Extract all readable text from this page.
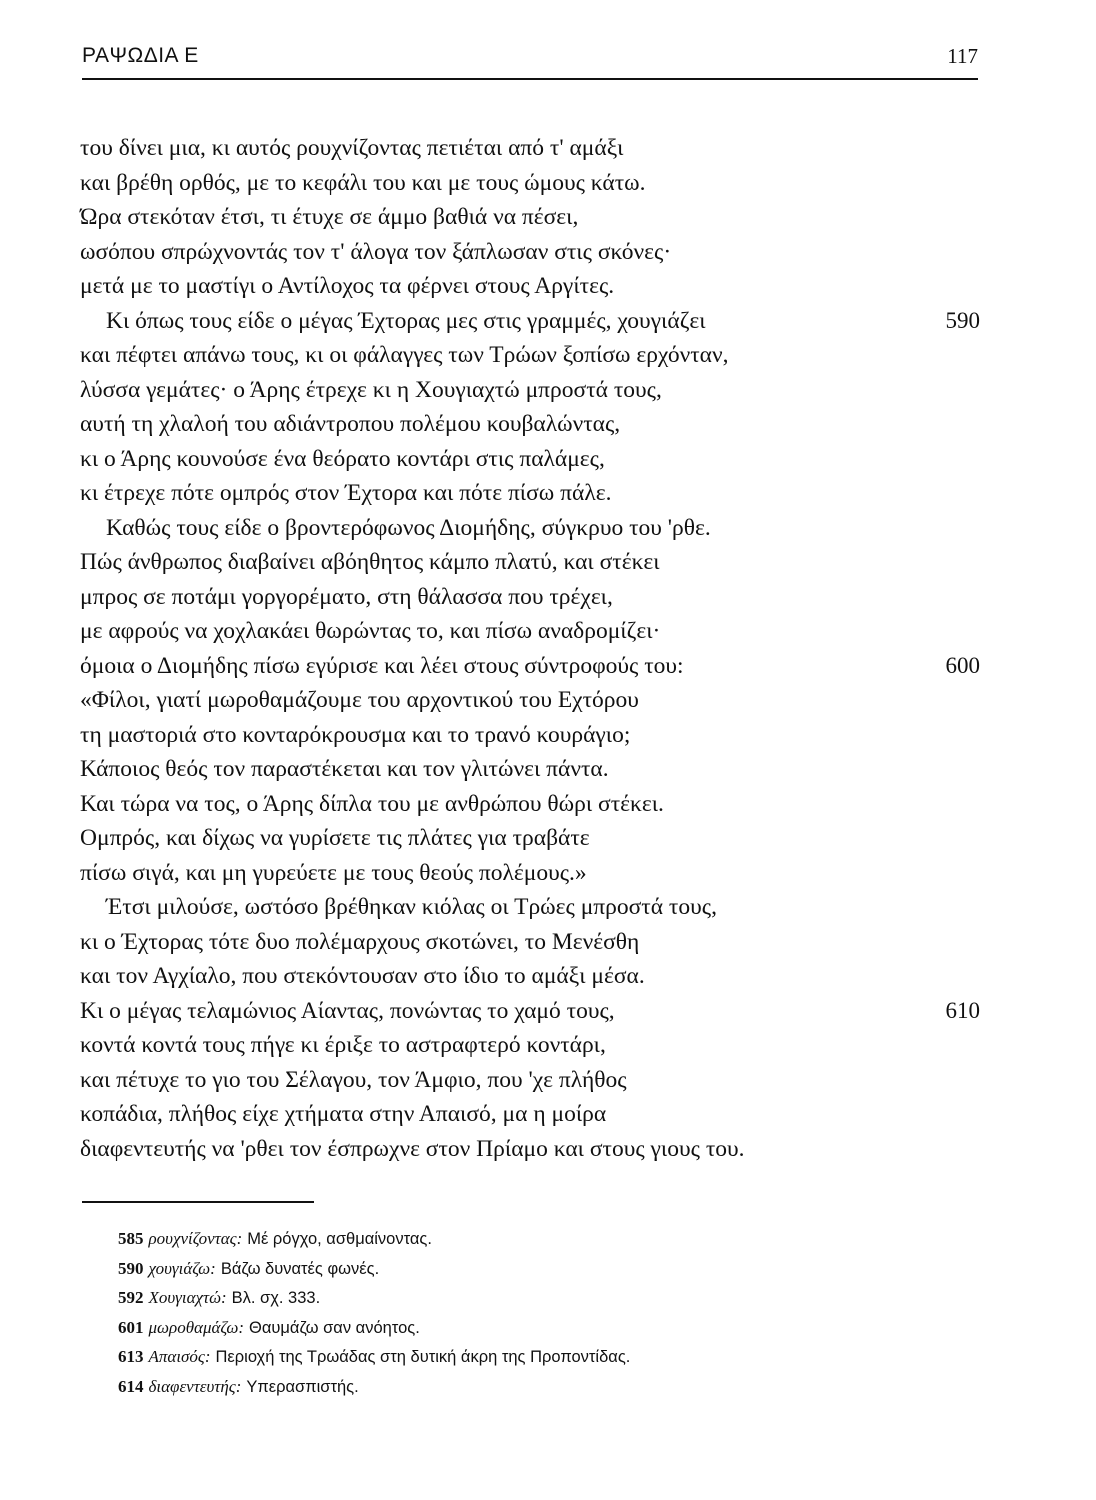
ΡΑΨΩΔΙΑ Ε	117
του δίνει μια, κι αυτός ρουχνίζοντας πετιέται από τ' αμάξι
και βρέθη ορθός, με το κεφάλι του και με τους ώμους κάτω.
Ώρα στεκόταν έτσι, τι έτυχε σε άμμο βαθιά να πέσει,
ωσόπου σπρώχνοντάς τον τ' άλογα τον ξάπλωσαν στις σκόνες·
μετά με το μαστίγι ο Αντίλοχος τα φέρνει στους Αργίτες.
Κι όπως τους είδε ο μέγας Έχτορας μες στις γραμμές, χουγιάζει	590
και πέφτει απάνω τους, κι οι φάλαγγες των Τρώων ξοπίσω ερχόνταν,
λύσσα γεμάτες· ο Άρης έτρεχε κι η Χουγιαχτώ μπροστά τους,
αυτή τη χλαλοή του αδιάντροπου πολέμου κουβαλώντας,
κι ο Άρης κουνούσε ένα θεόρατο κοντάρι στις παλάμες,
κι έτρεχε πότε ομπρός στον Έχτορα και πότε πίσω πάλε.
Καθώς τους είδε ο βροντερόφωνος Διομήδης, σύγκρυο του 'ρθε.
Πώς άνθρωπος διαβαίνει αβόηθητος κάμπο πλατύ, και στέκει
μπρος σε ποτάμι γοργορέματο, στη θάλασσα που τρέχει,
με αφρούς να χοχλακάει θωρώντας το, και πίσω αναδρομίζει·
όμοια ο Διομήδης πίσω εγύρισε και λέει στους σύντροφούς του:	600
«Φίλοι, γιατί μωροθαμάζουμε του αρχοντικού του Εχτόρου
τη μαστοριά στο κονταρόκρουσμα και το τρανό κουράγιο;
Κάποιος θεός τον παραστέκεται και τον γλιτώνει πάντα.
Και τώρα να τος, ο Άρης δίπλα του με ανθρώπου θώρι στέκει.
Ομπρός, και δίχως να γυρίσετε τις πλάτες για τραβάτε
πίσω σιγά, και μη γυρεύετε με τους θεούς πολέμους.»
Έτσι μιλούσε, ωστόσο βρέθηκαν κιόλας οι Τρώες μπροστά τους,
κι ο Έχτορας τότε δυο πολέμαρχους σκοτώνει, το Μενέσθη
και τον Αγχίαλο, που στεκόντουσαν στο ίδιο το αμάξι μέσα.
Κι ο μέγας τελαμώνιος Αίαντας, πονώντας το χαμό τους,	610
κοντά κοντά τους πήγε κι έριξε το αστραφτερό κοντάρι,
και πέτυχε το γιο του Σέλαγου, τον Άμφιο, που 'χε πλήθος
κοπάδια, πλήθος είχε χτήματα στην Απαισό, μα η μοίρα
διαφεντευτής να 'ρθει τον έσπρωχνε στον Πρίαμο και στους γιους του.
585 ρουχνίζοντας: Μέ ρόγχο, ασθμαίνοντας.
590 χουγιάζω: Βάζω δυνατές φωνές.
592 Χουγιαχτώ: Βλ. σχ. 333.
601 μωροθαμάζω: Θαυμάζω σαν ανόητος.
613 Απαισός: Περιοχή της Τρωάδας στη δυτική άκρη της Προποντίδας.
614 διαφεντευτής: Υπερασπιστής.
